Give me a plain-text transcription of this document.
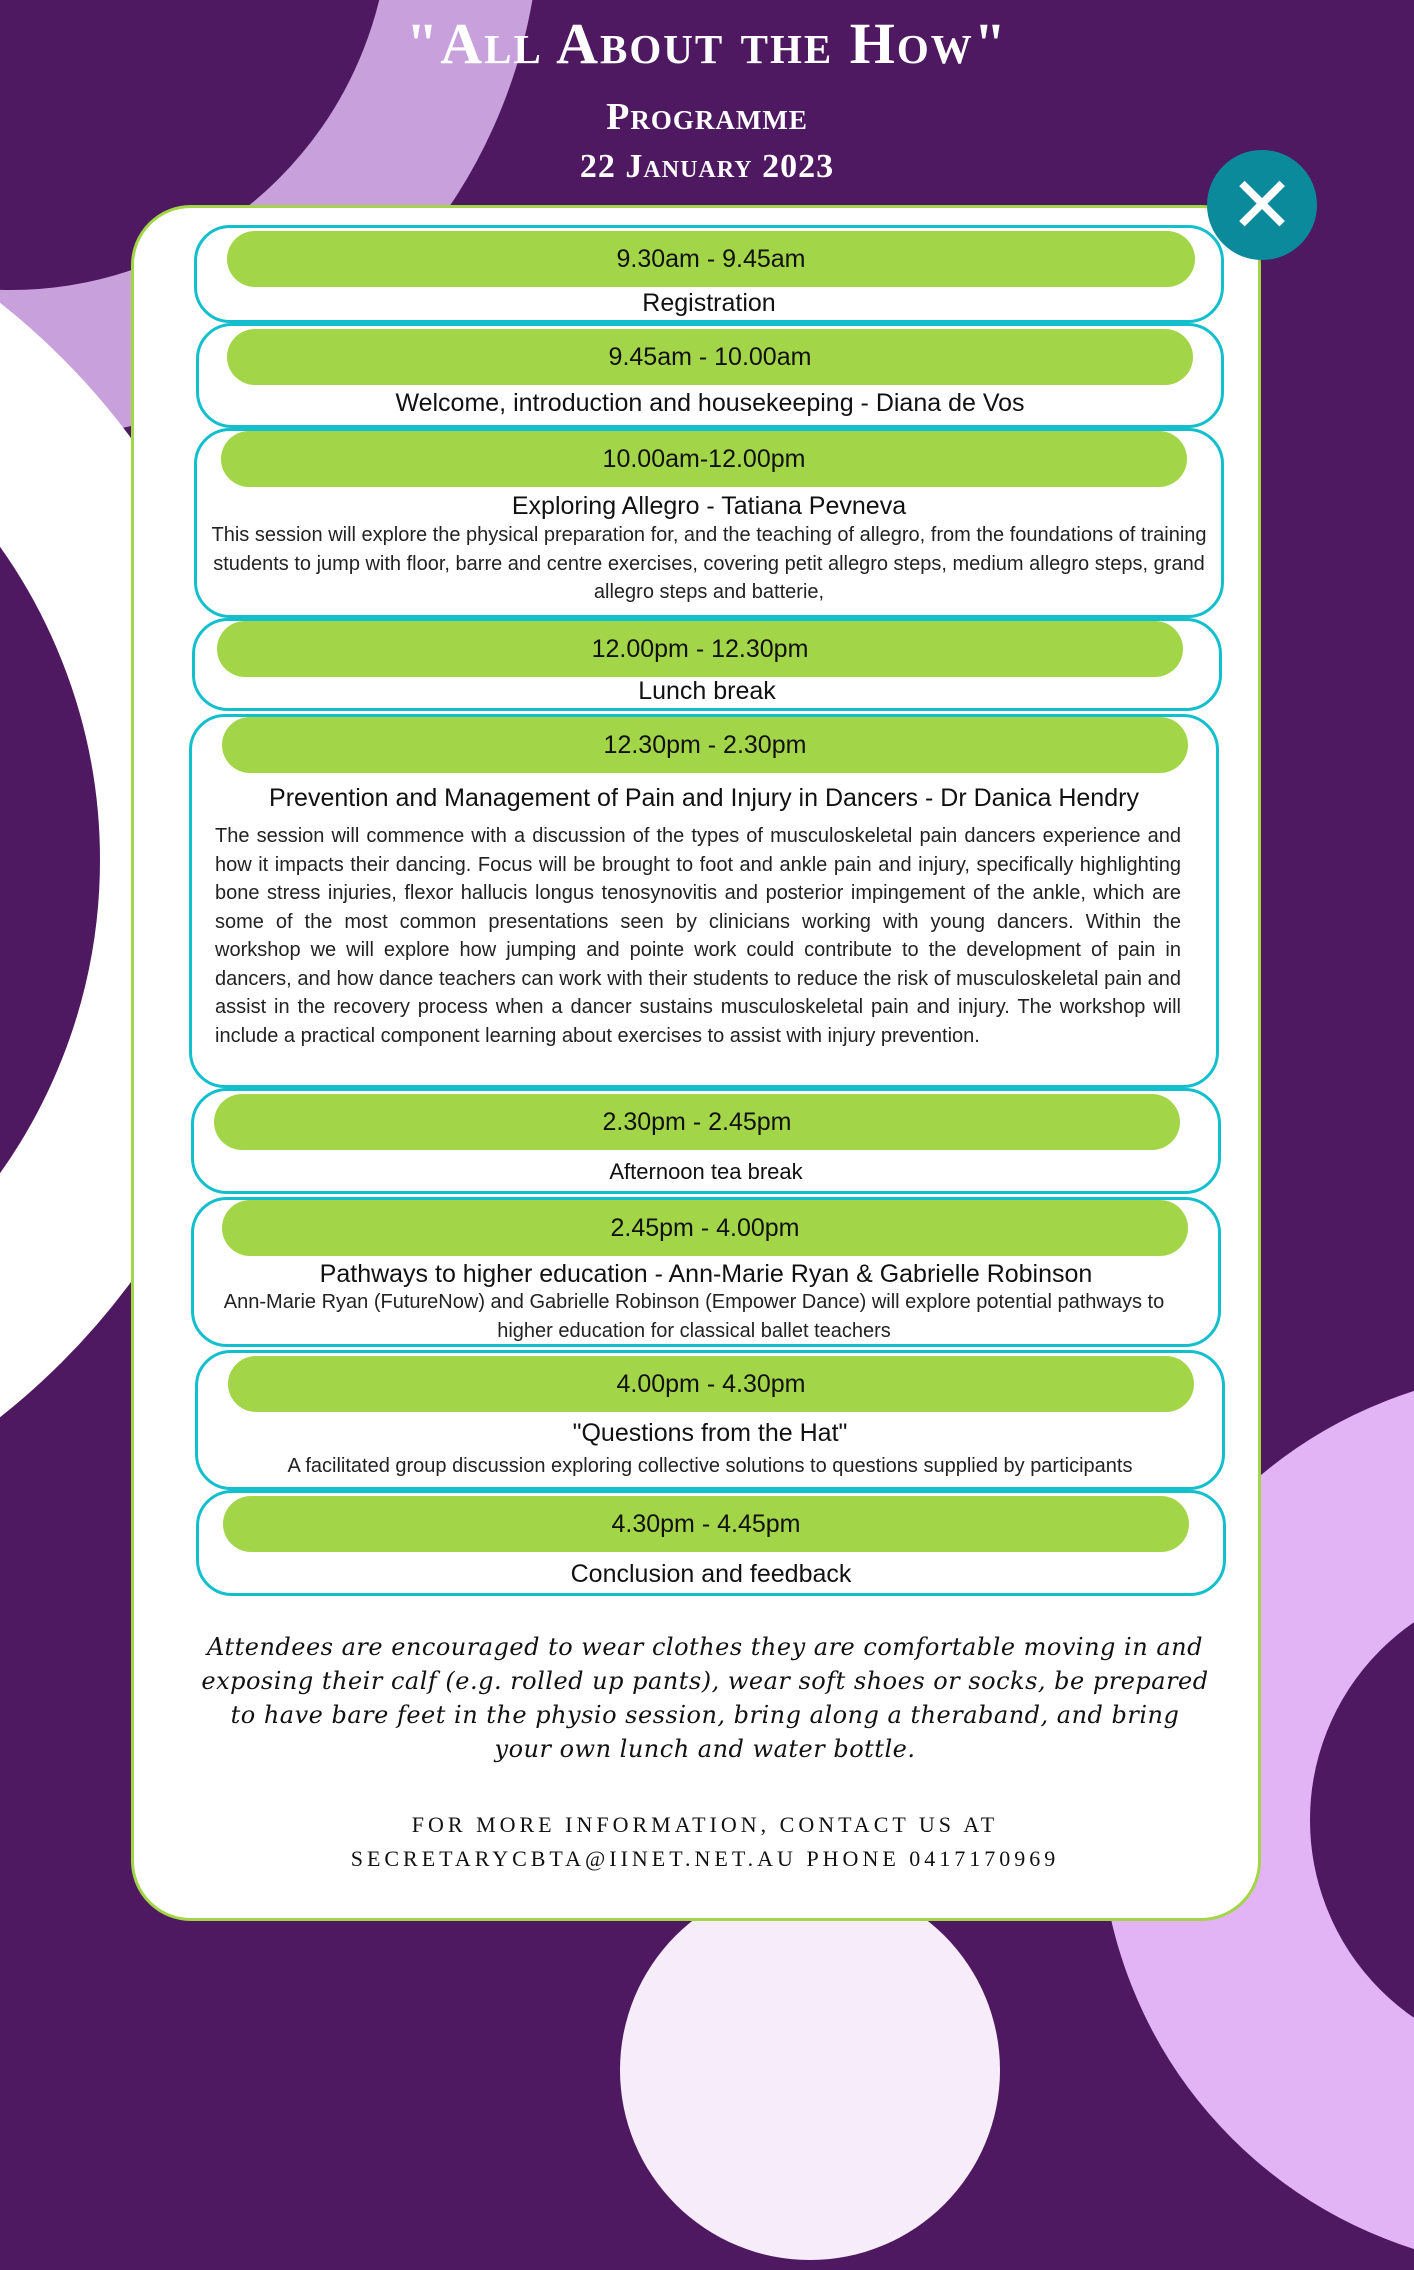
"All About the How"
Programme
22 January 2023
9.30am - 9.45am
Registration
9.45am - 10.00am
Welcome, introduction and housekeeping - Diana de Vos
10.00am-12.00pm
Exploring Allegro - Tatiana Pevneva
This session will explore the physical preparation for, and the teaching of allegro, from the foundations of training students to jump with floor, barre and centre exercises, covering petit allegro steps, medium allegro steps, grand allegro steps and batterie,
12.00pm - 12.30pm
Lunch break
12.30pm - 2.30pm
Prevention and Management of Pain and Injury in Dancers - Dr Danica Hendry
The session will commence with a discussion of the types of musculoskeletal pain dancers experience and how it impacts their dancing. Focus will be brought to foot and ankle pain and injury, specifically highlighting bone stress injuries, flexor hallucis longus tenosynovitis and posterior impingement of the ankle, which are some of the most common presentations seen by clinicians working with young dancers. Within the workshop we will explore how jumping and pointe work could contribute to the development of pain in dancers, and how dance teachers can work with their students to reduce the risk of musculoskeletal pain and assist in the recovery process when a dancer sustains musculoskeletal pain and injury. The workshop will include a practical component learning about exercises to assist with injury prevention.
2.30pm - 2.45pm
Afternoon tea break
2.45pm - 4.00pm
Pathways to higher education - Ann-Marie Ryan & Gabrielle Robinson
Ann-Marie Ryan (FutureNow) and Gabrielle Robinson (Empower Dance) will explore potential pathways to higher education for classical ballet teachers
4.00pm - 4.30pm
"Questions from the Hat"
A facilitated group discussion exploring collective solutions to questions supplied by participants
4.30pm - 4.45pm
Conclusion and feedback
✕
Attendees are encouraged to wear clothes they are comfortable moving in and exposing their calf (e.g. rolled up pants), wear soft shoes or socks, be prepared to have bare feet in the physio session, bring along a theraband, and bring your own lunch and water bottle.
FOR MORE INFORMATION, CONTACT US AT
SECRETARYCBTA@IINET.NET.AU PHONE 0417170969
